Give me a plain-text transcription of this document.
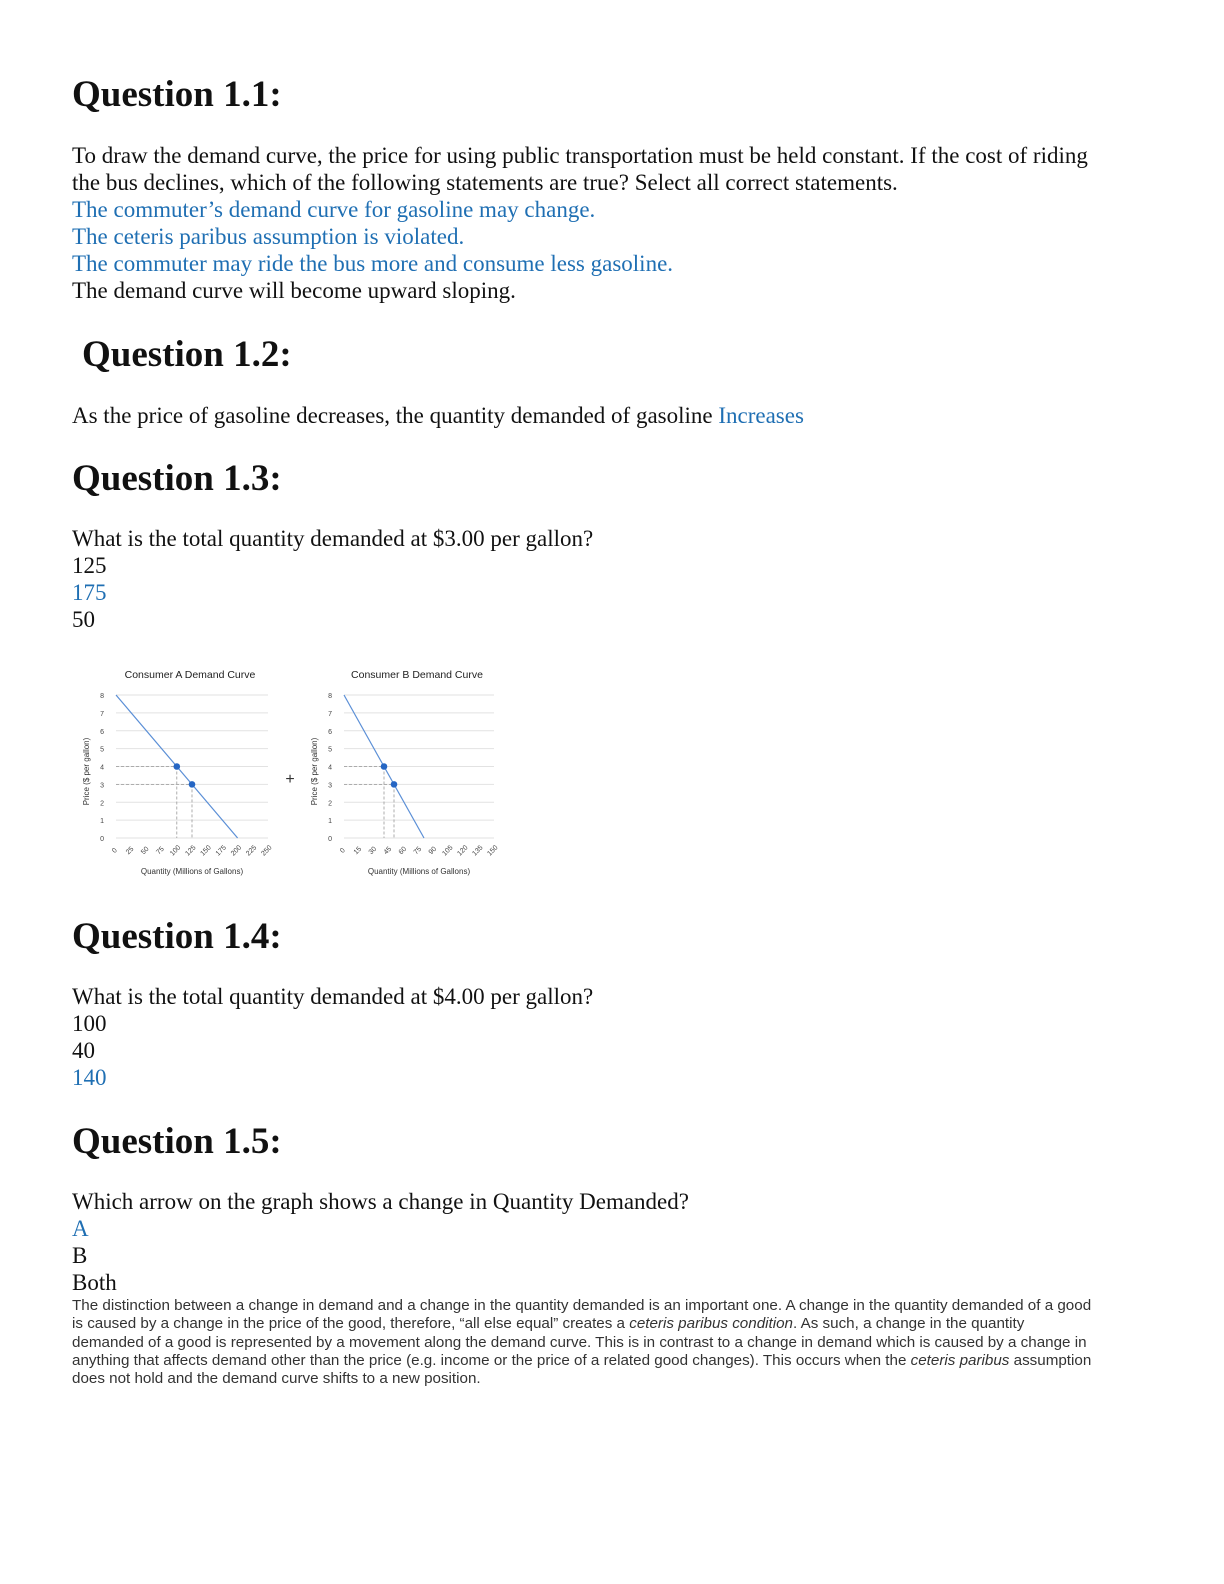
Question 1.1:
To draw the demand curve, the price for using public transportation must be held constant. If the cost of riding
the bus declines, which of the following statements are true? Select all correct statements.
The commuter’s demand curve for gasoline may change.
The ceteris paribus assumption is violated.
The commuter may ride the bus more and consume less gasoline.
The demand curve will become upward sloping.
Question 1.2:
As the price of gasoline decreases, the quantity demanded of gasoline Increases
Question 1.3:
What is the total quantity demanded at $3.00 per gallon?
125
175
50
+
Consumer A Demand Curve
0
1
2
3
4
5
6
7
8
0 25 50 75 100 125 150 175 200 225 250
Quantity (Millions of Gallons)
Price ($ per gallon)
Consumer B Demand Curve
0
1
2
3
4
5
6
7
8
0 15 30 45 60 75 90 105 120 135 150
Quantity (Millions of Gallons)
Price ($ per gallon)
Question 1.4:
What is the total quantity demanded at $4.00 per gallon?
100
40
140
Question 1.5:
Which arrow on the graph shows a change in Quantity Demanded?
A
B
Both
The distinction between a change in demand and a change in the quantity demanded is an important one. A change in the quantity demanded of a good
is caused by a change in the price of the good, therefore, “all else equal” creates a ceteris paribus condition. As such, a change in the quantity
demanded of a good is represented by a movement along the demand curve. This is in contrast to a change in demand which is caused by a change in
anything that affects demand other than the price (e.g. income or the price of a related good changes). This occurs when the ceteris paribus assumption
does not hold and the demand curve shifts to a new position.
